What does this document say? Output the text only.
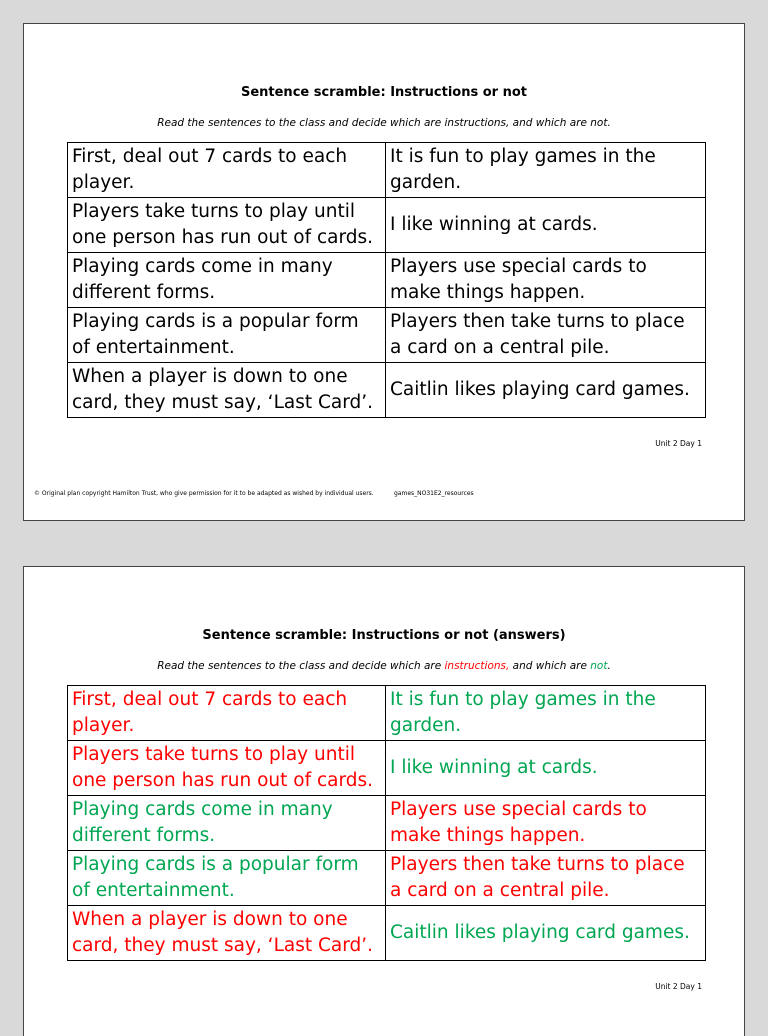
Sentence scramble: Instructions or not
Read the sentences to the class and decide which are instructions, and which are not.
First, deal out 7 cards to each player.	It is fun to play games in the garden.
Players take turns to play until one person has run out of cards.	I like winning at cards.
Playing cards come in many different forms.	Players use special cards to make things happen.
Playing cards is a popular form of entertainment.	Players then take turns to place a card on a central pile.
When a player is down to one card, they must say, ‘Last Card’.	Caitlin likes playing card games.
Unit 2 Day 1
© Original plan copyright Hamilton Trust, who give permission for it to be adapted as wished by individual users.	games_NO31E2_resources
Sentence scramble: Instructions or not (answers)
Read the sentences to the class and decide which are instructions, and which are not.
First, deal out 7 cards to each player.	It is fun to play games in the garden.
Players take turns to play until one person has run out of cards.	I like winning at cards.
Playing cards come in many different forms.	Players use special cards to make things happen.
Playing cards is a popular form of entertainment.	Players then take turns to place a card on a central pile.
When a player is down to one card, they must say, ‘Last Card’.	Caitlin likes playing card games.
Unit 2 Day 1
